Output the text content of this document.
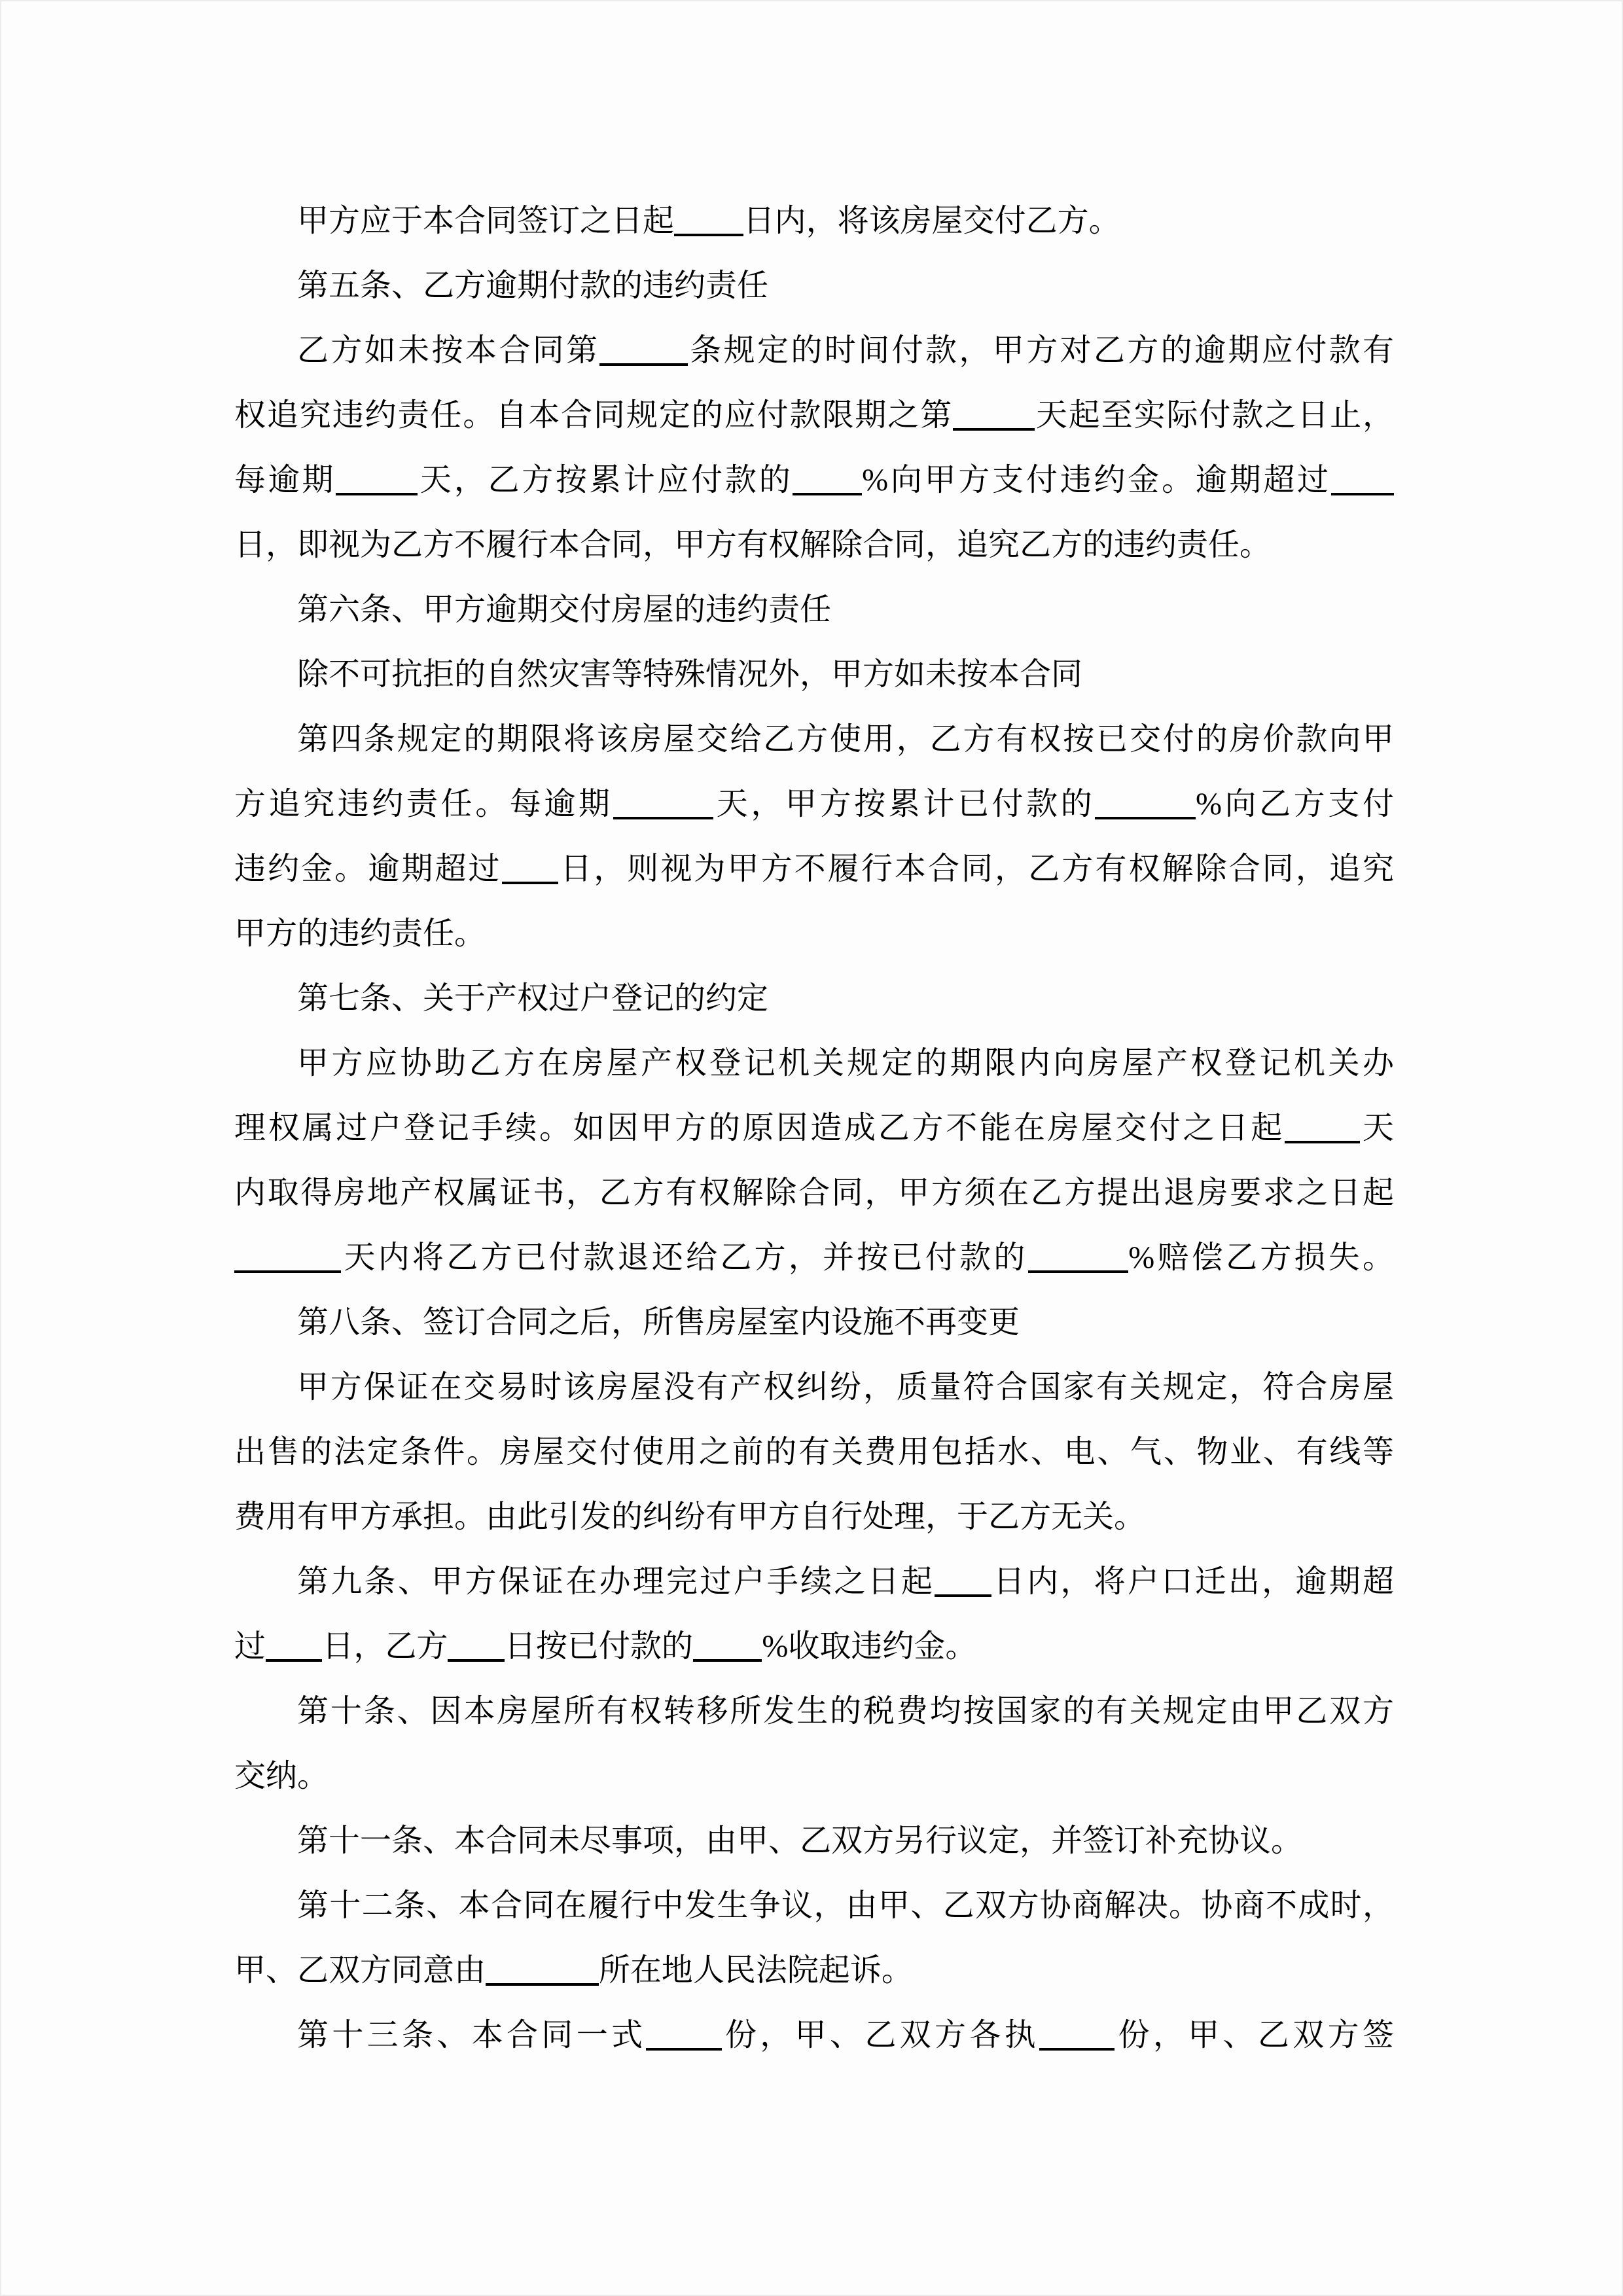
甲方应于本合同签订之日起 日内，将该房屋交付乙方。
第五条、乙方逾期付款的违约责任
乙方如未按本合同第	条规定的时间付款，甲方对乙方的逾期应付款有
权追究违约责任。自本合同规定的应付款限期之第	天起至实际付款之日止，
每逾期	天，乙方按累计应付款的 %向甲方支付违约金。逾期超过
日，即视为乙方不履行本合同，甲方有权解除合同，追究乙方的违约责任。
第六条、甲方逾期交付房屋的违约责任
除不可抗拒的自然灾害等特殊情况外，甲方如未按本合同
第四条规定的期限将该房屋交给乙方使用，乙方有权按已交付的房价款向甲
方追究违约责任。每逾期	天，甲方按累计已付款的	%向乙方支付
违约金。逾期超过 日，则视为甲方不履行本合同，乙方有权解除合同，追究
甲方的违约责任。
第七条、关于产权过户登记的约定
甲方应协助乙方在房屋产权登记机关规定的期限内向房屋产权登记机关办
理权属过户登记手续。如因甲方的原因造成乙方不能在房屋交付之日起 天
内取得房地产权属证书，乙方有权解除合同，甲方须在乙方提出退房要求之日起
天内将乙方已付款退还给乙方，并按已付款的	%赔偿乙方损失。
第八条、签订合同之后，所售房屋室内设施不再变更
甲方保证在交易时该房屋没有产权纠纷，质量符合国家有关规定，符合房屋
出售的法定条件。房屋交付使用之前的有关费用包括水、电、气、物业、有线等
费用有甲方承担。由此引发的纠纷有甲方自行处理，于乙方无关。
第九条、甲方保证在办理完过户手续之日起 日内，将户口迁出，逾期超
过 日，乙方 日按已付款的 %收取违约金。
第十条、因本房屋所有权转移所发生的税费均按国家的有关规定由甲乙双方
交纳。
第十一条、本合同未尽事项，由甲、乙双方另行议定，并签订补充协议。
第十二条、本合同在履行中发生争议，由甲、乙双方协商解决。协商不成时，
甲、乙双方同意由	所在地人民法院起诉。
第十三条、本合同一式 份，甲、乙双方各执 份，甲、乙双方签
